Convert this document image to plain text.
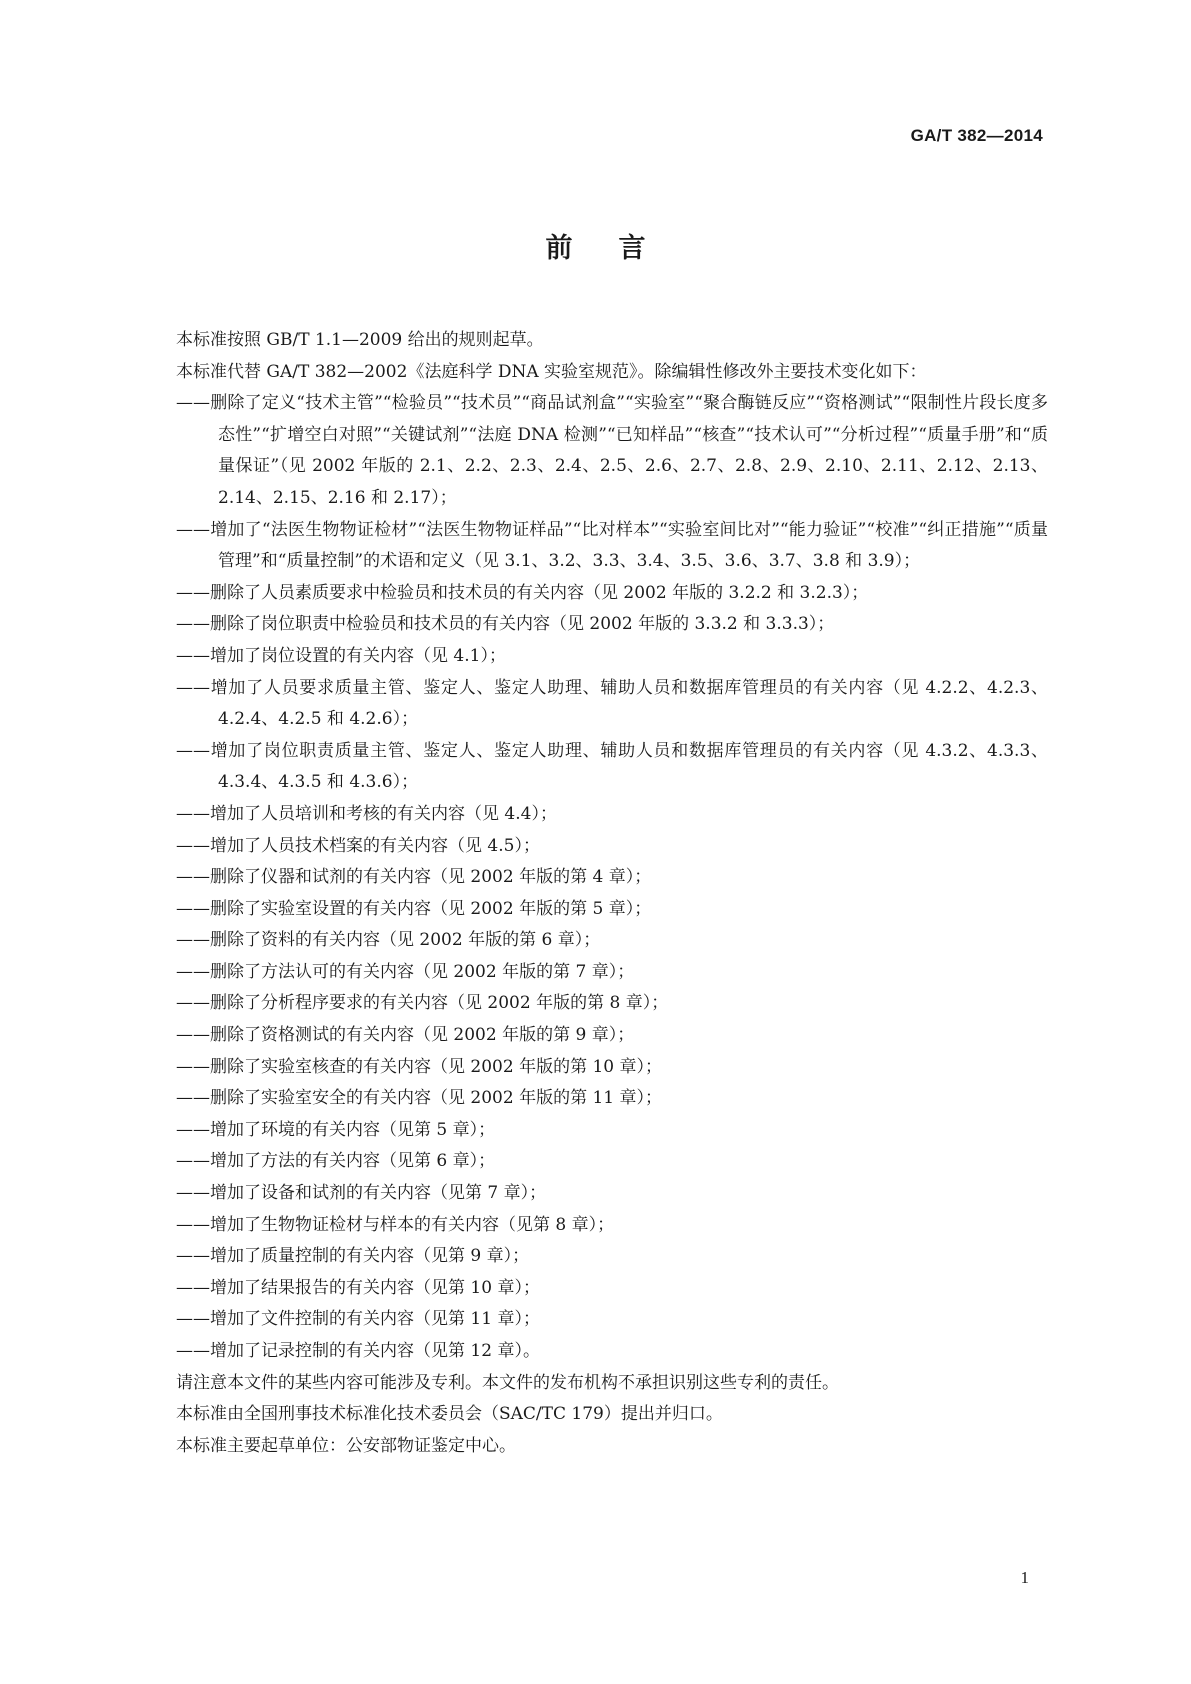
GA/T 382—2014
前言

本标准按照 GB/T 1.1—2009 给出的规则起草。

本标准代替 GA/T 382—2002《法庭科学 DNA 实验室规范》。除编辑性修改外主要技术变化如下：

——删除了定义“技术主管”“检验员”“技术员”“商品试剂盒”“实验室”“聚合酶链反应”“资格测试”“限制性片段长度多态性”“扩增空白对照”“关键试剂”“法庭 DNA 检测”“已知样品”“核查”“技术认可”“分析过程”“质量手册”和“质量保证”（见 2002 年版的 2.1、2.2、2.3、2.4、2.5、2.6、2.7、2.8、2.9、2.10、2.11、2.12、2.13、2.14、2.15、2.16 和 2.17）；

——增加了“法医生物物证检材”“法医生物物证样品”“比对样本”“实验室间比对”“能力验证”“校准”“纠正措施”“质量管理”和“质量控制”的术语和定义（见 3.1、3.2、3.3、3.4、3.5、3.6、3.7、3.8 和 3.9）；

——删除了人员素质要求中检验员和技术员的有关内容（见 2002 年版的 3.2.2 和 3.2.3）；

——删除了岗位职责中检验员和技术员的有关内容（见 2002 年版的 3.3.2 和 3.3.3）；

——增加了岗位设置的有关内容（见 4.1）；

——增加了人员要求质量主管、鉴定人、鉴定人助理、辅助人员和数据库管理员的有关内容（见 4.2.2、4.2.3、4.2.4、4.2.5 和 4.2.6）；

——增加了岗位职责质量主管、鉴定人、鉴定人助理、辅助人员和数据库管理员的有关内容（见 4.3.2、4.3.3、4.3.4、4.3.5 和 4.3.6）；

——增加了人员培训和考核的有关内容（见 4.4）；

——增加了人员技术档案的有关内容（见 4.5）；

——删除了仪器和试剂的有关内容（见 2002 年版的第 4 章）；

——删除了实验室设置的有关内容（见 2002 年版的第 5 章）；

——删除了资料的有关内容（见 2002 年版的第 6 章）；

——删除了方法认可的有关内容（见 2002 年版的第 7 章）；

——删除了分析程序要求的有关内容（见 2002 年版的第 8 章）；

——删除了资格测试的有关内容（见 2002 年版的第 9 章）；

——删除了实验室核查的有关内容（见 2002 年版的第 10 章）；

——删除了实验室安全的有关内容（见 2002 年版的第 11 章）；

——增加了环境的有关内容（见第 5 章）；

——增加了方法的有关内容（见第 6 章）；

——增加了设备和试剂的有关内容（见第 7 章）；

——增加了生物物证检材与样本的有关内容（见第 8 章）；

——增加了质量控制的有关内容（见第 9 章）；

——增加了结果报告的有关内容（见第 10 章）；

——增加了文件控制的有关内容（见第 11 章）；

——增加了记录控制的有关内容（见第 12 章）。

请注意本文件的某些内容可能涉及专利。本文件的发布机构不承担识别这些专利的责任。

本标准由全国刑事技术标准化技术委员会（SAC/TC 179）提出并归口。

本标准主要起草单位：公安部物证鉴定中心。

1
